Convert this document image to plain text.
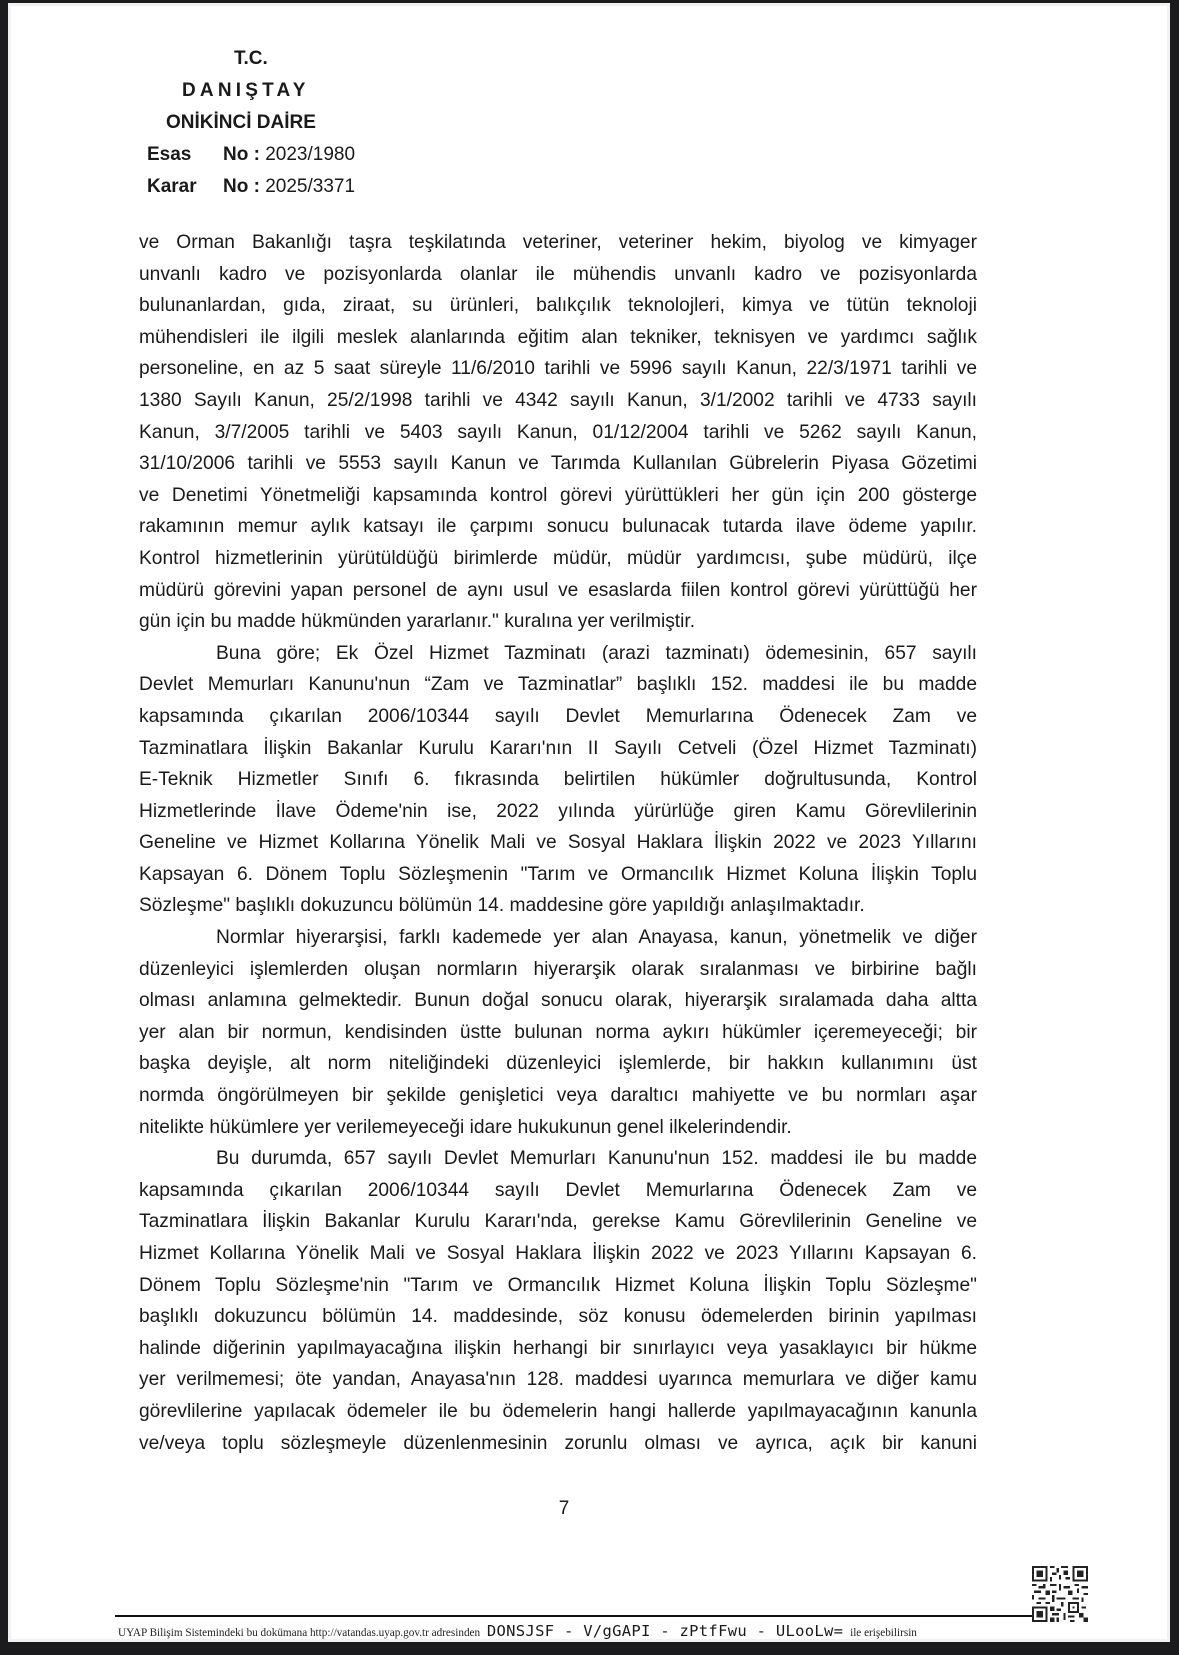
T.C.
DANIŞTAY
ONİKİNCİ DAİRE
Esas No : 2023/1980
Karar No : 2025/3371
ve Orman Bakanlığı taşra teşkilatında veteriner, veteriner hekim, biyolog ve kimyager
unvanlı kadro ve pozisyonlarda olanlar ile mühendis unvanlı kadro ve pozisyonlarda
bulunanlardan, gıda, ziraat, su ürünleri, balıkçılık teknolojleri, kimya ve tütün teknoloji
mühendisleri ile ilgili meslek alanlarında eğitim alan tekniker, teknisyen ve yardımcı sağlık
personeline, en az 5 saat süreyle 11/6/2010 tarihli ve 5996 sayılı Kanun, 22/3/1971 tarihli ve
1380 Sayılı Kanun, 25/2/1998 tarihli ve 4342 sayılı Kanun, 3/1/2002 tarihli ve 4733 sayılı
Kanun, 3/7/2005 tarihli ve 5403 sayılı Kanun, 01/12/2004 tarihli ve 5262 sayılı Kanun,
31/10/2006 tarihli ve 5553 sayılı Kanun ve Tarımda Kullanılan Gübrelerin Piyasa Gözetimi
ve Denetimi Yönetmeliği kapsamında kontrol görevi yürüttükleri her gün için 200 gösterge
rakamının memur aylık katsayı ile çarpımı sonucu bulunacak tutarda ilave ödeme yapılır.
Kontrol hizmetlerinin yürütüldüğü birimlerde müdür, müdür yardımcısı, şube müdürü, ilçe
müdürü görevini yapan personel de aynı usul ve esaslarda fiilen kontrol görevi yürüttüğü her
gün için bu madde hükmünden yararlanır." kuralına yer verilmiştir.
Buna göre; Ek Özel Hizmet Tazminatı (arazi tazminatı) ödemesinin, 657 sayılı
Devlet Memurları Kanunu'nun “Zam ve Tazminatlar” başlıklı 152. maddesi ile bu madde
kapsamında çıkarılan 2006/10344 sayılı Devlet Memurlarına Ödenecek Zam ve
Tazminatlara İlişkin Bakanlar Kurulu Kararı'nın II Sayılı Cetveli (Özel Hizmet Tazminatı)
E-Teknik Hizmetler Sınıfı 6. fıkrasında belirtilen hükümler doğrultusunda, Kontrol
Hizmetlerinde İlave Ödeme'nin ise, 2022 yılında yürürlüğe giren Kamu Görevlilerinin
Geneline ve Hizmet Kollarına Yönelik Mali ve Sosyal Haklara İlişkin 2022 ve 2023 Yıllarını
Kapsayan 6. Dönem Toplu Sözleşmenin "Tarım ve Ormancılık Hizmet Koluna İlişkin Toplu
Sözleşme" başlıklı dokuzuncu bölümün 14. maddesine göre yapıldığı anlaşılmaktadır.
Normlar hiyerarşisi, farklı kademede yer alan Anayasa, kanun, yönetmelik ve diğer
düzenleyici işlemlerden oluşan normların hiyerarşik olarak sıralanması ve birbirine bağlı
olması anlamına gelmektedir. Bunun doğal sonucu olarak, hiyerarşik sıralamada daha altta
yer alan bir normun, kendisinden üstte bulunan norma aykırı hükümler içeremeyeceği; bir
başka deyişle, alt norm niteliğindeki düzenleyici işlemlerde, bir hakkın kullanımını üst
normda öngörülmeyen bir şekilde genişletici veya daraltıcı mahiyette ve bu normları aşar
nitelikte hükümlere yer verilemeyeceği idare hukukunun genel ilkelerindendir.
Bu durumda, 657 sayılı Devlet Memurları Kanunu'nun 152. maddesi ile bu madde
kapsamında çıkarılan 2006/10344 sayılı Devlet Memurlarına Ödenecek Zam ve
Tazminatlara İlişkin Bakanlar Kurulu Kararı'nda, gerekse Kamu Görevlilerinin Geneline ve
Hizmet Kollarına Yönelik Mali ve Sosyal Haklara İlişkin 2022 ve 2023 Yıllarını Kapsayan 6.
Dönem Toplu Sözleşme'nin "Tarım ve Ormancılık Hizmet Koluna İlişkin Toplu Sözleşme"
başlıklı dokuzuncu bölümün 14. maddesinde, söz konusu ödemelerden birinin yapılması
halinde diğerinin yapılmayacağına ilişkin herhangi bir sınırlayıcı veya yasaklayıcı bir hükme
yer verilmemesi; öte yandan, Anayasa'nın 128. maddesi uyarınca memurlara ve diğer kamu
görevlilerine yapılacak ödemeler ile bu ödemelerin hangi hallerde yapılmayacağının kanunla
ve/veya toplu sözleşmeyle düzenlenmesinin zorunlu olması ve ayrıca, açık bir kanuni
7
UYAP Bilişim Sistemindeki bu dokümana http://vatandas.uyap.gov.tr adresinden DONSJSF - V/gGAPI - zPtfFwu - ULooLw= ile erişebilirsin
